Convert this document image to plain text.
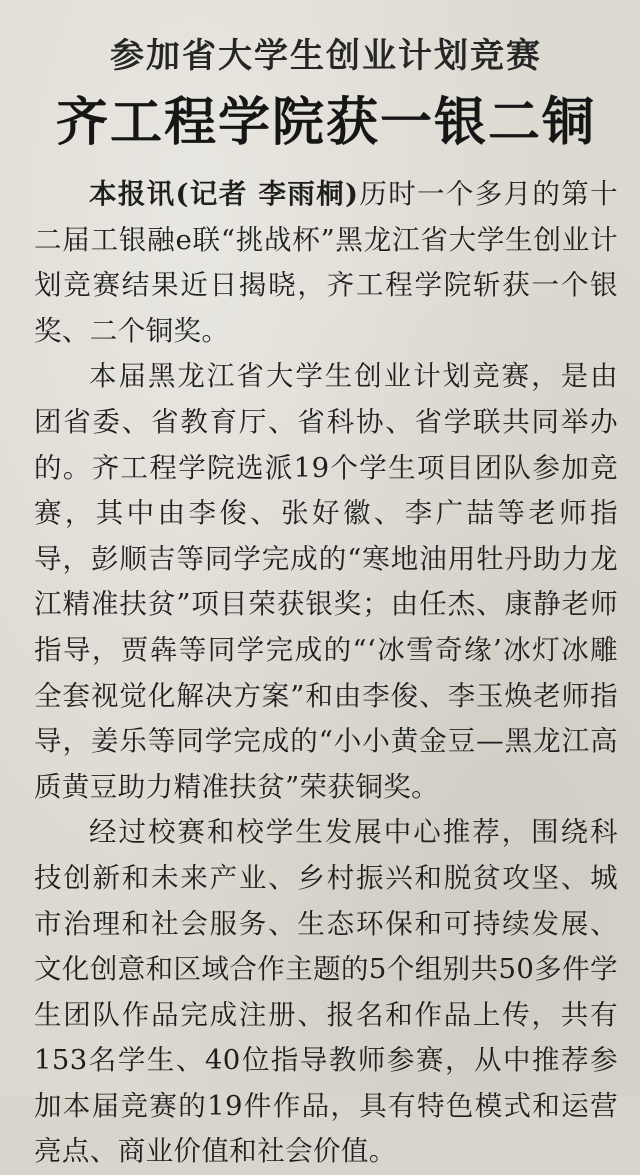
参加省大学生创业计划竞赛
齐工程学院获一银二铜

本报讯(记者 李雨桐)历时一个多月的第十二届工银融e联“挑战杯”黑龙江省大学生创业计划竞赛结果近日揭晓，齐工程学院斩获一个银奖、二个铜奖。

本届黑龙江省大学生创业计划竞赛，是由团省委、省教育厅、省科协、省学联共同举办的。齐工程学院选派19个学生项目团队参加竞赛，其中由李俊、张好徽、李广喆等老师指导，彭顺吉等同学完成的“寒地油用牡丹助力龙江精准扶贫”项目荣获银奖；由任杰、康静老师指导，贾犇等同学完成的“‘冰雪奇缘’冰灯冰雕全套视觉化解决方案”和由李俊、李玉焕老师指导，姜乐等同学完成的“小小黄金豆—黑龙江高质黄豆助力精准扶贫”荣获铜奖。

经过校赛和校学生发展中心推荐，围绕科技创新和未来产业、乡村振兴和脱贫攻坚、城市治理和社会服务、生态环保和可持续发展、文化创意和区域合作主题的5个组别共50多件学生团队作品完成注册、报名和作品上传，共有153名学生、40位指导教师参赛，从中推荐参加本届竞赛的19件作品，具有特色模式和运营亮点、商业价值和社会价值。
